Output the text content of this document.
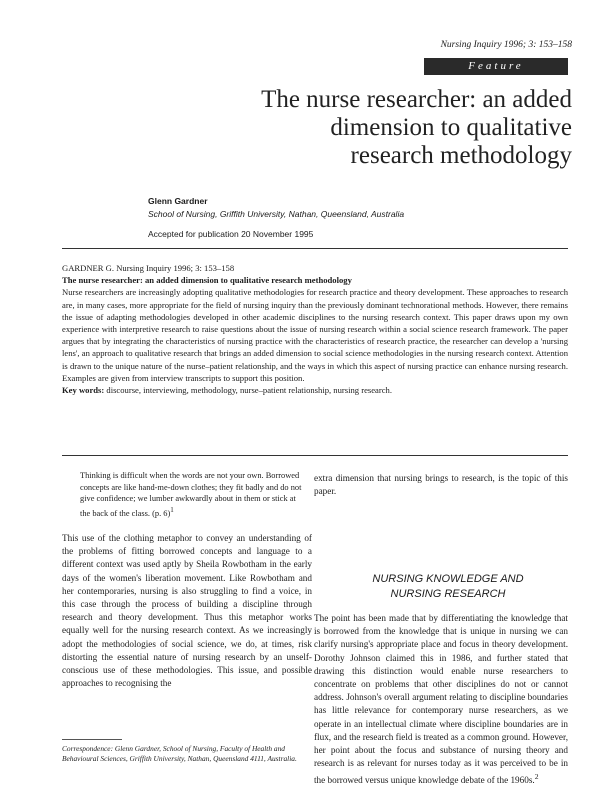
Nursing Inquiry 1996; 3: 153–158
Feature
The nurse researcher: an added
dimension to qualitative
research methodology
Glenn Gardner
School of Nursing, Griffith University, Nathan, Queensland, Australia
Accepted for publication 20 November 1995

GARDNER G. Nursing Inquiry 1996; 3: 153–158

The nurse researcher: an added dimension to qualitative research methodology

Nurse researchers are increasingly adopting qualitative methodologies for research practice and theory development. These approaches to research are, in many cases, more appropriate for the field of nursing inquiry than the previously dominant technorational methods. However, there remains the issue of adapting methodologies developed in other academic disciplines to the nursing research context. This paper draws upon my own experience with interpretive research to raise questions about the issue of nursing research within a social science research framework. The paper argues that by integrating the characteristics of nursing practice with the characteristics of research practice, the researcher can develop a 'nursing lens', an approach to qualitative research that brings an added dimension to social science methodologies in the nursing research context. Attention is drawn to the unique nature of the nurse–patient relationship, and the ways in which this aspect of nursing practice can enhance nursing research. Examples are given from interview transcripts to support this position.

Key words: discourse, interviewing, methodology, nurse–patient relationship, nursing research.

Thinking is difficult when the words are not your own. Borrowed concepts are like hand-me-down clothes; they fit badly and do not give confidence; we lumber awkwardly about in them or stick at the back of the class. (p. 6)$^1$

This use of the clothing metaphor to convey an understanding of the problems of fitting borrowed concepts and language to a different context was used aptly by Sheila Rowbotham in the early days of the women's liberation movement. Like Rowbotham and her contemporaries, nursing is also struggling to find a voice, in this case through the process of building a discipline through research and theory development. Thus this metaphor works equally well for the nursing research context. As we increasingly adopt the methodologies of social science, we do, at times, risk distorting the essential nature of nursing research by an unself-conscious use of these methodologies. This issue, and possible approaches to recognising the

extra dimension that nursing brings to research, is the topic of this paper.

NURSING KNOWLEDGE AND
NURSING RESEARCH

The point has been made that by differentiating the knowledge that is borrowed from the knowledge that is unique in nursing we can clarify nursing's appropriate place and focus in theory development. Dorothy Johnson claimed this in 1986, and further stated that drawing this distinction would enable nurse researchers to concentrate on problems that other disciplines do not or cannot address. Johnson's overall argument relating to discipline boundaries has little relevance for contemporary nurse researchers, as we operate in an intellectual climate where discipline boundaries are in flux, and the research field is treated as a common ground. However, her point about the focus and substance of nursing theory and research is as relevant for nurses today as it was perceived to be in the borrowed versus unique knowledge debate of the 1960s.$^2$

Correspondence: Glenn Gardner, School of Nursing, Faculty of Health and Behavioural Sciences, Griffith University, Nathan, Queensland 4111, Australia.
